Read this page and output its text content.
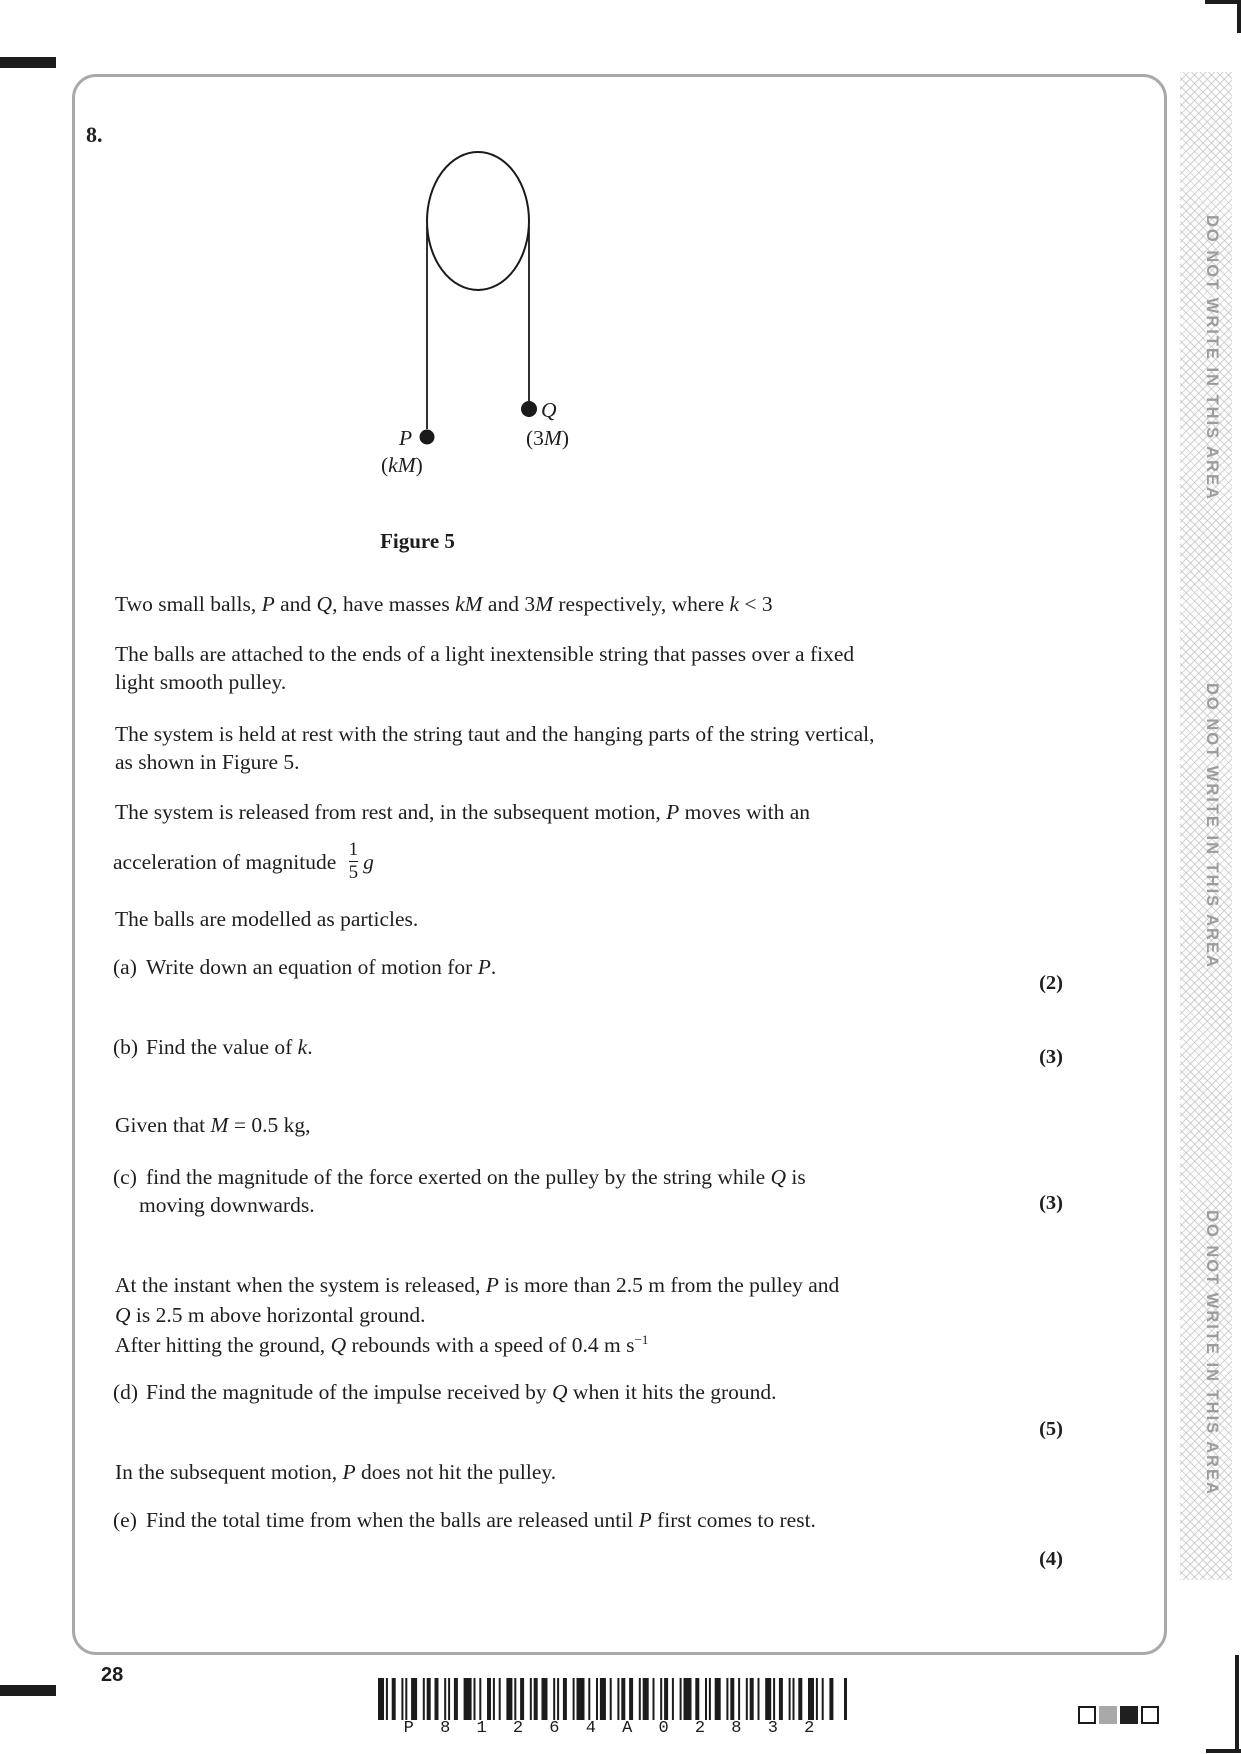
DO NOT WRITE IN THIS AREA
DO NOT WRITE IN THIS AREA
DO NOT WRITE IN THIS AREA
8.
Figure 5
Two small balls, P and Q, have masses kM and 3M respectively, where k < 3
The balls are attached to the ends of a light inextensible string that passes over a fixed
light smooth pulley.
The system is held at rest with the string taut and the hanging parts of the string vertical,
as shown in Figure 5.
The system is released from rest and, in the subsequent motion, P moves with an
acceleration of magnitude $\frac{1}{5}$ g
The balls are modelled as particles.
(a) Write down an equation of motion for P.
(b) Find the value of k.
Given that M = 0.5 kg,
(c) find the magnitude of the force exerted on the pulley by the string while Q is
moving downwards.
At the instant when the system is released, P is more than 2.5 m from the pulley and
Q is 2.5 m above horizontal ground.
After hitting the ground, Q rebounds with a speed of 0.4 m $s^{-1}$
(d) Find the magnitude of the impulse received by Q when it hits the ground.
In the subsequent motion, P does not hit the pulley.
(e) Find the total time from when the balls are released until P first comes to rest.
P
(kM)
Q
(3M)
(2)
(3)
(3)
(5)
(4)
28
P 8 1 2 6 4 A 0 2 8 3 2
